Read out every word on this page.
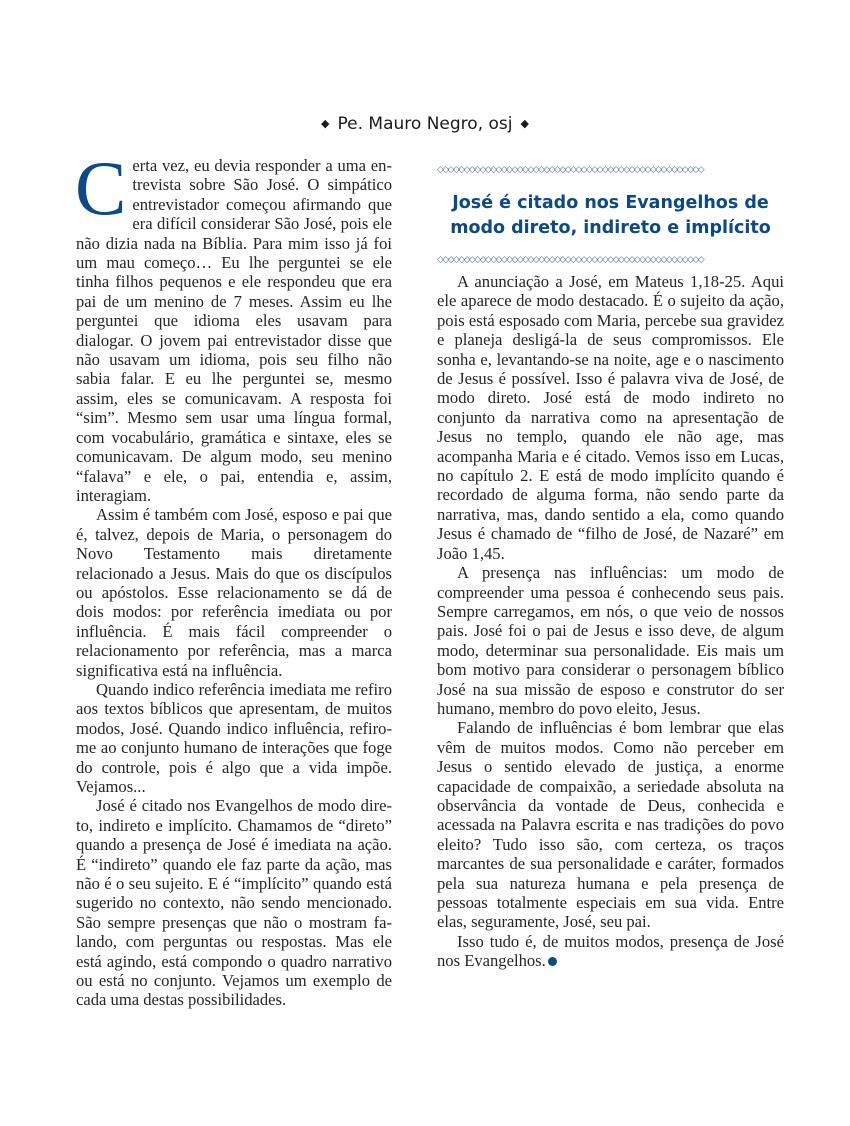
◆ Pe. Mauro Negro, osj ◆

Certa vez, eu devia responder a uma entrevista sobre São José. O simpático entrevistador começou afirmando que era difícil considerar São José, pois ele não dizia nada na Bíblia. Para mim isso já foi um mau começo… Eu lhe perguntei se ele tinha filhos pequenos e ele respondeu que era pai de um menino de 7 meses. Assim eu lhe perguntei que idioma eles usavam para dialogar. O jovem pai entrevistador disse que não usavam um idioma, pois seu filho não sabia falar. E eu lhe perguntei se, mesmo assim, eles se comunicavam. A resposta foi “sim”. Mesmo sem usar uma língua formal, com vocabulário, gramática e sintaxe, eles se comunicavam. De algum modo, seu menino “falava” e ele, o pai, entendia e, assim, interagiam.

Assim é também com José, esposo e pai que é, talvez, depois de Maria, o personagem do Novo Testamento mais diretamente relacionado a Jesus. Mais do que os discípulos ou apóstolos. Esse relacionamento se dá de dois modos: por referência imediata ou por influência. É mais fácil compreender o relacionamento por referência, mas a marca significativa está na influência.

Quando indico referência imediata me refiro aos textos bíblicos que apresentam, de muitos modos, José. Quando indico influência, refiro-me ao conjunto humano de interações que foge do controle, pois é algo que a vida impõe. Vejamos...

José é citado nos Evangelhos de modo direto, indireto e implícito. Chamamos de “direto” quando a presença de José é imediata na ação. É “indireto” quando ele faz parte da ação, mas não é o seu sujeito. E é “implícito” quando está sugerido no contexto, não sendo mencionado. São sempre presenças que não o mostram falando, com perguntas ou respostas. Mas ele está agindo, está compondo o quadro narrativo ou está no conjunto. Vejamos um exemplo de cada uma destas possibilidades.

◇◇◇◇◇◇◇◇◇◇◇◇◇◇◇◇◇◇◇◇◇◇◇◇◇◇◇◇◇◇◇◇◇◇◇◇◇◇◇◇◇◇◇◇◇◇◇◇◇◇
José é citado nos Evangelhos de
modo direto, indireto e implícito
◇◇◇◇◇◇◇◇◇◇◇◇◇◇◇◇◇◇◇◇◇◇◇◇◇◇◇◇◇◇◇◇◇◇◇◇◇◇◇◇◇◇◇◇◇◇◇◇◇◇

A anunciação a José, em Mateus 1,18-25. Aqui ele aparece de modo destacado. É o sujeito da ação, pois está esposado com Maria, percebe sua gravidez e planeja desligá-la de seus compromissos. Ele sonha e, levantando-se na noite, age e o nascimento de Jesus é possível. Isso é palavra viva de José, de modo direto. José está de modo indireto no conjunto da narrativa como na apresentação de Jesus no templo, quando ele não age, mas acompanha Maria e é citado. Vemos isso em Lucas, no capítulo 2. E está de modo implícito quando é recordado de alguma forma, não sendo parte da narrativa, mas, dando sentido a ela, como quando Jesus é chamado de “filho de José, de Nazaré” em João 1,45.

A presença nas influências: um modo de compreender uma pessoa é conhecendo seus pais. Sempre carregamos, em nós, o que veio de nossos pais. José foi o pai de Jesus e isso deve, de algum modo, determinar sua personalidade. Eis mais um bom motivo para considerar o personagem bíblico José na sua missão de esposo e construtor do ser humano, membro do povo eleito, Jesus.

Falando de influências é bom lembrar que elas vêm de muitos modos. Como não perceber em Jesus o sentido elevado de justiça, a enorme capacidade de compaixão, a seriedade absoluta na observância da vontade de Deus, conhecida e acessada na Palavra escrita e nas tradições do povo eleito? Tudo isso são, com certeza, os traços marcantes de sua personalidade e caráter, formados pela sua natureza humana e pela presença de pessoas totalmente especiais em sua vida. Entre elas, seguramente, José, seu pai.

Isso tudo é, de muitos modos, presença de José nos Evangelhos.
